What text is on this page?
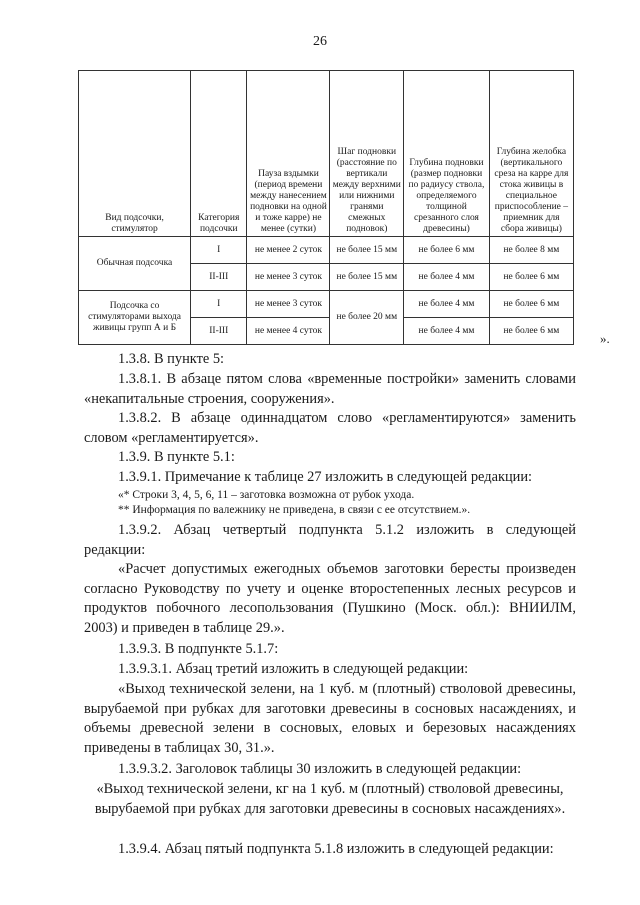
26
Вид подсочки, стимулятор	Категория подсочки	Пауза вздымки (период времени между нанесением подновки на одной и тоже карре) не менее (сутки)	Шаг подновки (расстояние по вертикали между верхними или нижними гранями смежных подновок)	Глубина подновки (размер подновки по радиусу ствола, определяемого толщиной срезанного слоя древесины)	Глубина желобка (вертикального среза на карре для стока живицы в специальное приспособление – приемник для сбора живицы)
Обычная подсочка	I	не менее 2 суток	не более 15 мм	не более 6 мм	не более 8 мм
	II-III	не менее 3 суток	не более 15 мм	не более 4 мм	не более 6 мм
Подсочка со стимуляторами выхода живицы групп А и Б	I	не менее 3 суток	не более 20 мм	не более 4 мм	не более 6 мм
	II-III	не менее 4 суток		не более 4 мм	не более 6 мм
».
1.3.8. В пункте 5:
1.3.8.1. В абзаце пятом слова «временные постройки» заменить словами «некапитальные строения, сооружения».
1.3.8.2. В абзаце одиннадцатом слово «регламентируются» заменить словом «регламентируется».
1.3.9. В пункте 5.1:
1.3.9.1. Примечание к таблице 27 изложить в следующей редакции:
«* Строки 3, 4, 5, 6, 11 – заготовка возможна от рубок ухода.
** Информация по валежнику не приведена, в связи с ее отсутствием.».
1.3.9.2. Абзац четвертый подпункта 5.1.2 изложить в следующей редакции:
«Расчет допустимых ежегодных объемов заготовки бересты произведен согласно Руководству по учету и оценке второстепенных лесных ресурсов и продуктов побочного лесопользования (Пушкино (Моск. обл.): ВНИИЛМ, 2003) и приведен в таблице 29.».
1.3.9.3. В подпункте 5.1.7:
1.3.9.3.1. Абзац третий изложить в следующей редакции:
«Выход технической зелени, на 1 куб. м (плотный) стволовой древесины, вырубаемой при рубках для заготовки древесины в сосновых насаждениях, и объемы древесной зелени в сосновых, еловых и березовых насаждениях приведены в таблицах 30, 31.».
1.3.9.3.2. Заголовок таблицы 30 изложить в следующей редакции:
«Выход технической зелени, кг на 1 куб. м (плотный) стволовой древесины, вырубаемой при рубках для заготовки древесины в сосновых насаждениях».
1.3.9.4. Абзац пятый подпункта 5.1.8 изложить в следующей редакции:
